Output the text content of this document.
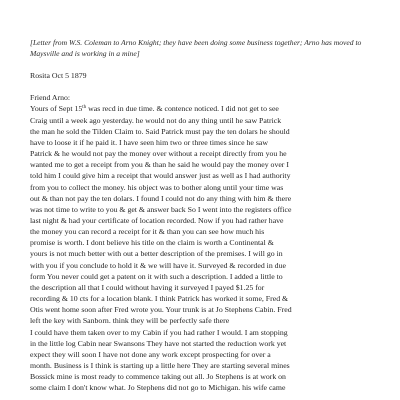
[Letter from W.S. Coleman to Arno Knight; they have been doing some business together; Arno has moved to Maysville and is working in a mine]

Rosita Oct 5 1879

Friend Arno:

Yours of Sept 15th was recd in due time. & contence noticed. I did not get to see
Craig until a week ago yesterday. he would not do any thing until he saw Patrick
the man he sold the Tilden Claim to. Said Patrick must pay the ten dolars he should
have to loose it if he paid it. I have seen him two or three times since he saw
Patrick & he would not pay the money over without a receipt directly from you he
wanted me to get a receipt from you & than he said he would pay the money over I
told him I could give him a receipt that would answer just as well as I had authority
from you to collect the money. his object was to bother along until your time was
out & than not pay the ten dolars. I found I could not do any thing with him & there
was not time to write to you & get & answer back So I went into the registers office
last night & had your certificate of location recorded. Now if you had rather have
the money you can record a receipt for it & than you can see how much his
promise is worth. I dont believe his title on the claim is worth a Continental &
yours is not much better with out a better description of the premises. I will go in
with you if you conclude to hold it & we will have it. Surveyed & recorded in due
form You never could get a patent on it with such a description. I added a little to
the description all that I could without having it surveyed I payed $1.25 for
recording & 10 cts for a location blank. I think Patrick has worked it some, Fred &
Otis went home soon after Fred wrote you. Your trunk is at Jo Stephens Cabin. Fred
left the key with Sanborn. think they will be perfectly safe there
I could have them taken over to my Cabin if you had rather I would. I am stopping
in the little log Cabin near Swansons They have not started the reduction work yet
expect they will soon I have not done any work except prospecting for over a
month. Business is I think is starting up a little here They are starting several mines
Bossick mine is most ready to commence taking out all. Jo Stephens is at work on
some claim I don't know what. Jo Stephens did not go to Michigan. his wife came
